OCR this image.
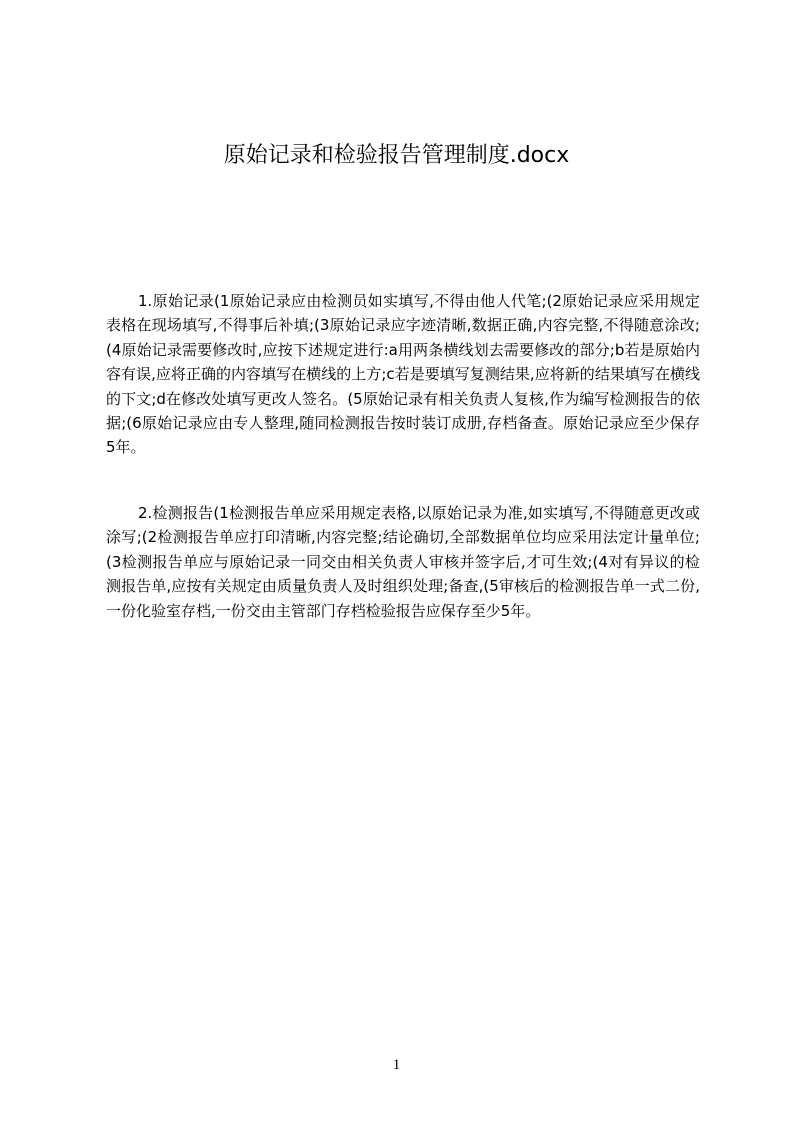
原始记录和检验报告管理制度.docx

1.原始记录(1原始记录应由检测员如实填写,不得由他人代笔;(2原始记录应采用规定表格在现场填写,不得事后补填;(3原始记录应字迹清晰,数据正确,内容完整,不得随意涂改;(4原始记录需要修改时,应按下述规定进行:a用两条横线划去需要修改的部分;b若是原始内容有误,应将正确的内容填写在横线的上方;c若是要填写复测结果,应将新的结果填写在横线的下文;d在修改处填写更改人签名。(5原始记录有相关负责人复核,作为编写检测报告的依据;(6原始记录应由专人整理,随同检测报告按时装订成册,存档备查。原始记录应至少保存5年。

2.检测报告(1检测报告单应采用规定表格,以原始记录为准,如实填写,不得随意更改或涂写;(2检测报告单应打印清晰,内容完整;结论确切,全部数据单位均应采用法定计量单位;(3检测报告单应与原始记录一同交由相关负责人审核并签字后,才可生效;(4对有异议的检测报告单,应按有关规定由质量负责人及时组织处理;备查,(5审核后的检测报告单一式二份,一份化验室存档,一份交由主管部门存档检验报告应保存至少5年。

1
